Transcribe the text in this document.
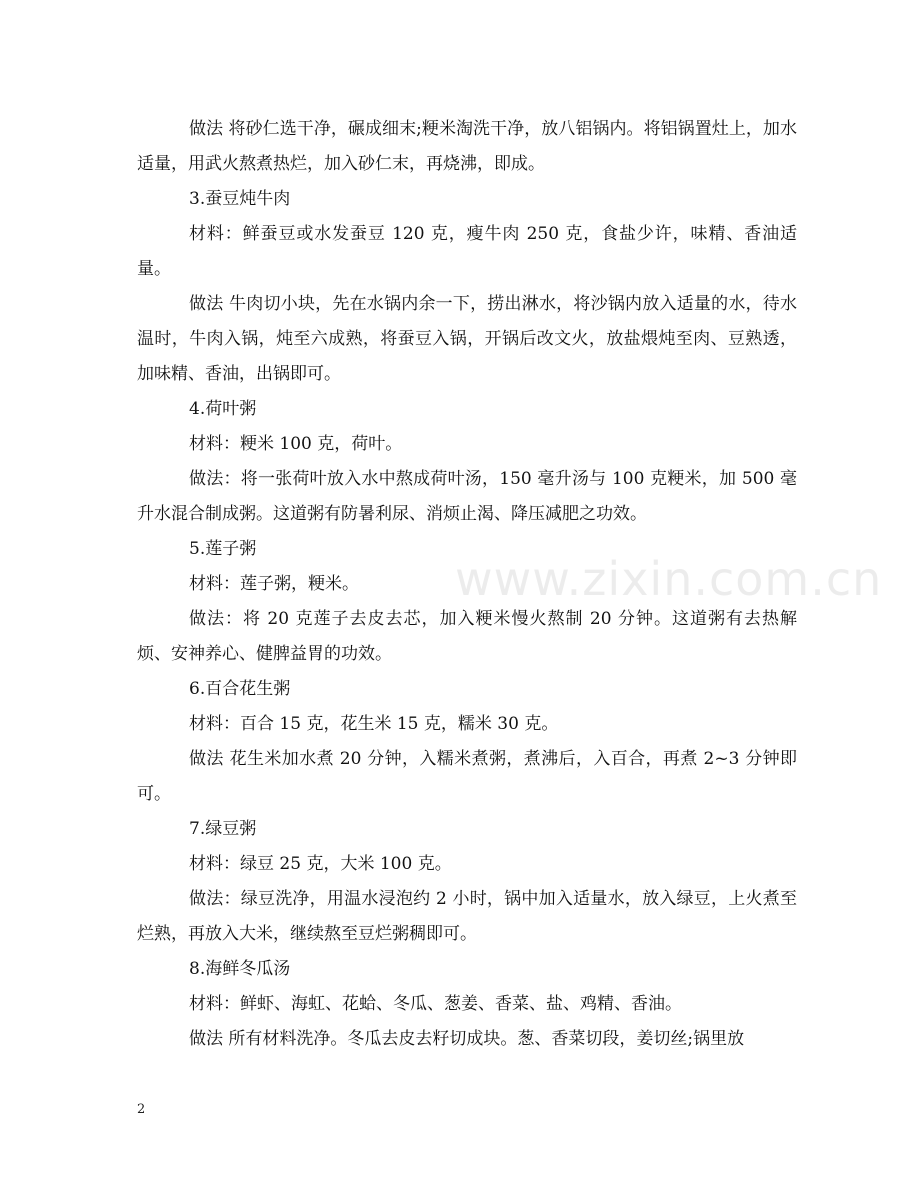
做法 将砂仁选干净，碾成细末;粳米淘洗干净，放八铝锅内。将铝锅置灶上，加水适量，用武火熬煮热烂，加入砂仁末，再烧沸，即成。

3.蚕豆炖牛肉

材料：鲜蚕豆或水发蚕豆 120 克，瘦牛肉 250 克，食盐少许，味精、香油适量。

做法 牛肉切小块，先在水锅内余一下，捞出淋水，将沙锅内放入适量的水，待水温时，牛肉入锅，炖至六成熟，将蚕豆入锅，开锅后改文火，放盐煨炖至肉、豆熟透，加味精、香油，出锅即可。

4.荷叶粥

材料：粳米 100 克，荷叶。

做法：将一张荷叶放入水中熬成荷叶汤，150 毫升汤与 100 克粳米，加 500 毫升水混合制成粥。这道粥有防暑利尿、消烦止渴、降压减肥之功效。

5.莲子粥

材料：莲子粥，粳米。

做法：将 20 克莲子去皮去芯，加入粳米慢火熬制 20 分钟。这道粥有去热解烦、安神养心、健脾益胃的功效。

6.百合花生粥

材料：百合 15 克，花生米 15 克，糯米 30 克。

做法 花生米加水煮 20 分钟，入糯米煮粥，煮沸后，入百合，再煮 2~3 分钟即可。

7.绿豆粥

材料：绿豆 25 克，大米 100 克。

做法：绿豆洗净，用温水浸泡约 2 小时，锅中加入适量水，放入绿豆，上火煮至烂熟，再放入大米，继续熬至豆烂粥稠即可。

8.海鲜冬瓜汤

材料：鲜虾、海虹、花蛤、冬瓜、葱姜、香菜、盐、鸡精、香油。

做法 所有材料洗净。冬瓜去皮去籽切成块。葱、香菜切段，姜切丝;锅里放

www.zixin.com.cn
2
